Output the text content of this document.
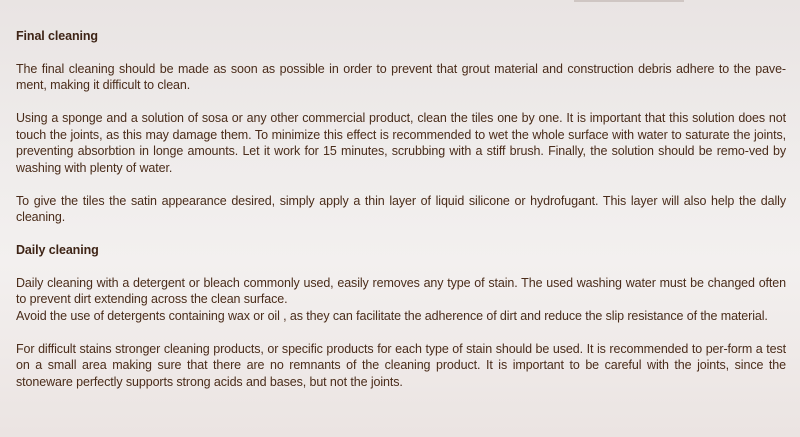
Final cleaning

The final cleaning should be made as soon as possible in order to prevent that grout material and construction debris adhere to the pave-ment, making it difficult to clean.

Using a sponge and a solution of sosa or any other commercial product, clean the tiles one by one. It is important that this solution does not touch the joints, as this may damage them. To minimize this effect is recommended to wet the whole surface with water to saturate the joints, preventing absorbtion in longe amounts. Let it work for 15 minutes, scrubbing with a stiff brush. Finally, the solution should be remo-ved by washing with plenty of water.

To give the tiles the satin appearance desired, simply apply a thin layer of liquid silicone or hydrofugant. This layer will also help the dally cleaning.

Daily cleaning

Daily cleaning with a detergent or bleach commonly used, easily removes any type of stain. The used washing water must be changed often to prevent dirt extending across the clean surface.

Avoid the use of detergents containing wax or oil , as they can facilitate the adherence of dirt and reduce the slip resistance of the material.

For difficult stains stronger cleaning products, or specific products for each type of stain should be used. It is recommended to per-form a test on a small area making sure that there are no remnants of the cleaning product. It is important to be careful with the joints, since the stoneware perfectly supports strong acids and bases, but not the joints.
